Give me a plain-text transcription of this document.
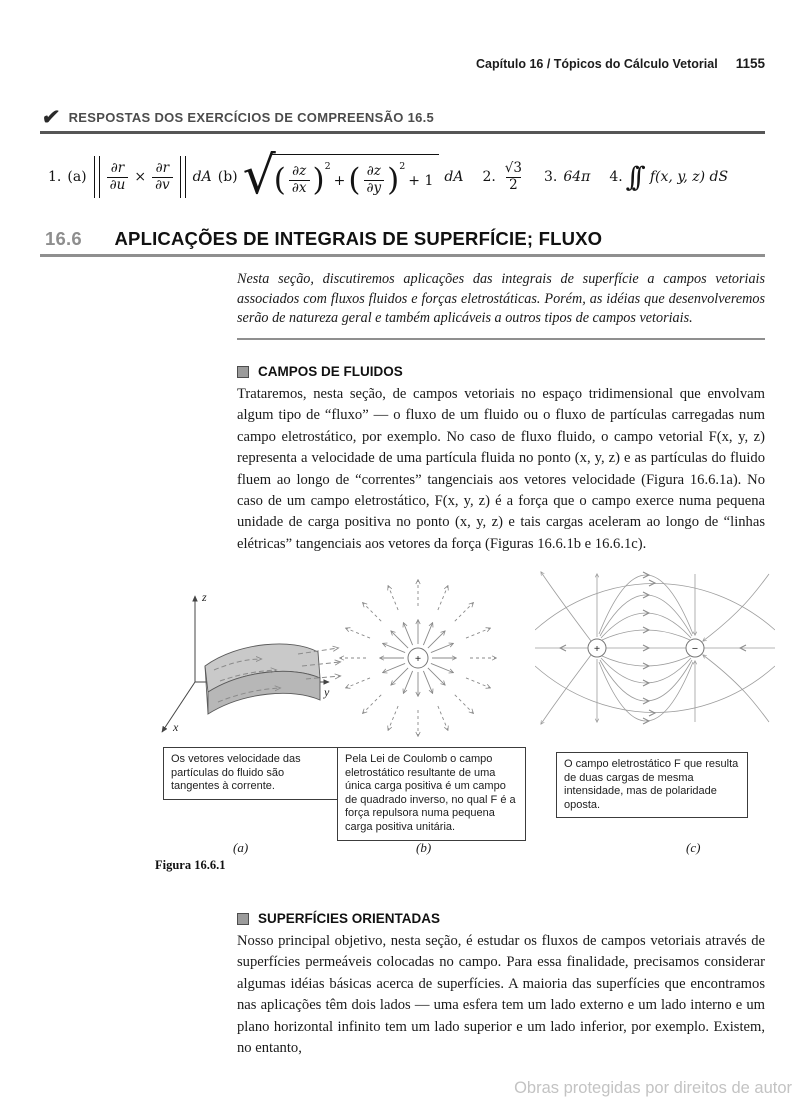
Capítulo 16 / Tópicos do Cálculo Vetorial 1155
✔ RESPOSTAS DOS EXERCÍCIOS DE COMPREENSÃO 16.5
1. $(a) \frac{\partial r}{\partial u} \times \frac{\partial r}{\partial v}$ dA (b) √
( $\frac{\partial z}{\partial x}$ ) 2
+ ( $\frac{\partial z}{\partial y}$ ) 2
+ 1 dA 2. $\frac{√3}{2} 3$. 64π 4. ∫∫ f(x, y, z) dS
16.6 APLICAÇÕES DE INTEGRAIS DE SUPERFÍCIE; FLUXO

Nesta seção, discutiremos aplicações das integrais de superfície a campos vetoriais associados com fluxos fluidos e forças eletrostáticas. Porém, as idéias que desenvolveremos serão de natureza geral e também aplicáveis a outros tipos de campos vetoriais.

CAMPOS DE FLUIDOS

Trataremos, nesta seção, de campos vetoriais no espaço tridimensional que envolvam algum tipo de “fluxo” — o fluxo de um fluido ou o fluxo de partículas carregadas num campo eletrostático, por exemplo. No caso de fluxo fluido, o campo vetorial F(x, y, z) representa a velocidade de uma partícula fluida no ponto (x, y, z) e as partículas do fluido fluem ao longo de “correntes” tangenciais aos vetores velocidade (Figura 16.6.1a). No caso de um campo eletrostático, F(x, y, z) é a força que o campo exerce numa pequena unidade de carga positiva no ponto (x, y, z) e tais cargas aceleram ao longo de “linhas elétricas” tangenciais aos vetores da força (Figuras 16.6.1b e 16.6.1c).

z
y
x
+
+	−
Os vetores velocidade das partículas do fluido são tangentes à corrente.
Pela Lei de Coulomb o campo eletrostático resultante de uma única carga positiva é um campo de quadrado inverso, no qual F é a força repulsora numa pequena carga positiva unitária.
O campo eletrostático F que resulta de duas cargas de mesma intensidade, mas de polaridade oposta.
(a)	(b)	(c)
Figura 16.6.1
SUPERFÍCIES ORIENTADAS

Nosso principal objetivo, nesta seção, é estudar os fluxos de campos vetoriais através de superfícies permeáveis colocadas no campo. Para essa finalidade, precisamos considerar algumas idéias básicas acerca de superfícies. A maioria das superfícies que encontramos nas aplicações têm dois lados — uma esfera tem um lado externo e um lado interno e um plano horizontal infinito tem um lado superior e um lado inferior, por exemplo. Existem, no entanto,

Obras protegidas por direitos de autor
